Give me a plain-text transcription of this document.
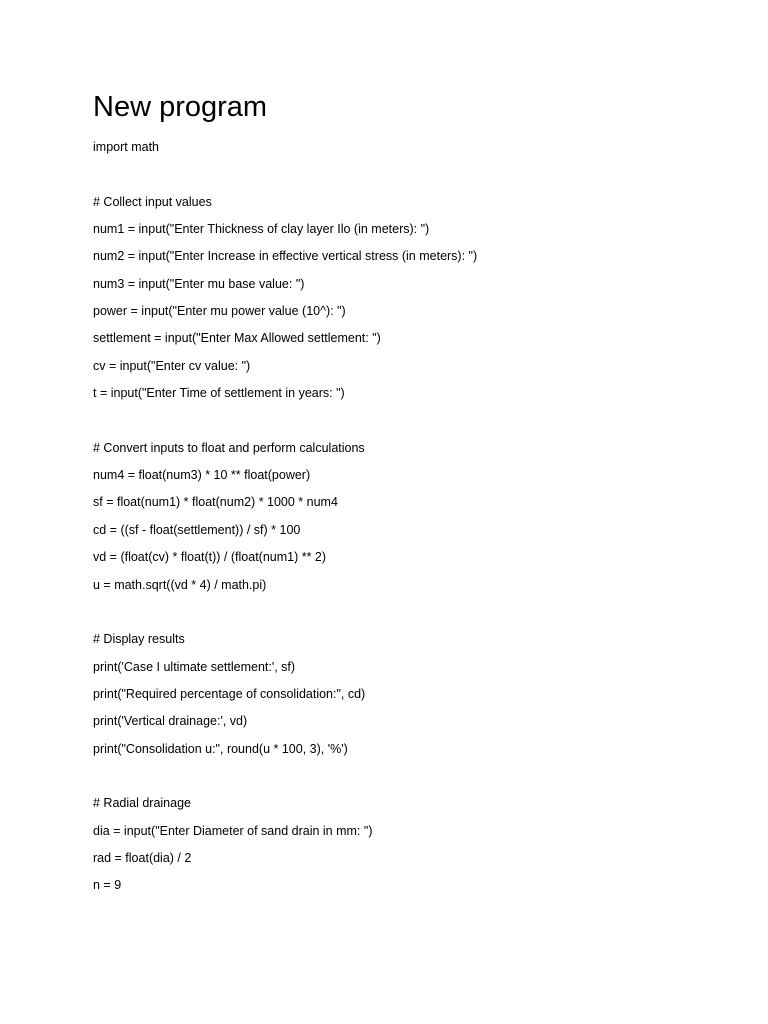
New program
import math
# Collect input values
num1 = input("Enter Thickness of clay layer Ilo (in meters): ")
num2 = input("Enter Increase in effective vertical stress (in meters): ")
num3 = input("Enter mu base value: ")
power = input("Enter mu power value (10^): ")
settlement = input("Enter Max Allowed settlement: ")
cv = input("Enter cv value: ")
t = input("Enter Time of settlement in years: ")
# Convert inputs to float and perform calculations
num4 = float(num3) * 10 ** float(power)
sf = float(num1) * float(num2) * 1000 * num4
cd = ((sf - float(settlement)) / sf) * 100
vd = (float(cv) * float(t)) / (float(num1) ** 2)
u = math.sqrt((vd * 4) / math.pi)
# Display results
print('Case I ultimate settlement:', sf)
print("Required percentage of consolidation:", cd)
print('Vertical drainage:', vd)
print("Consolidation u:", round(u * 100, 3), '%')
# Radial drainage
dia = input("Enter Diameter of sand drain in mm: ")
rad = float(dia) / 2
n = 9
